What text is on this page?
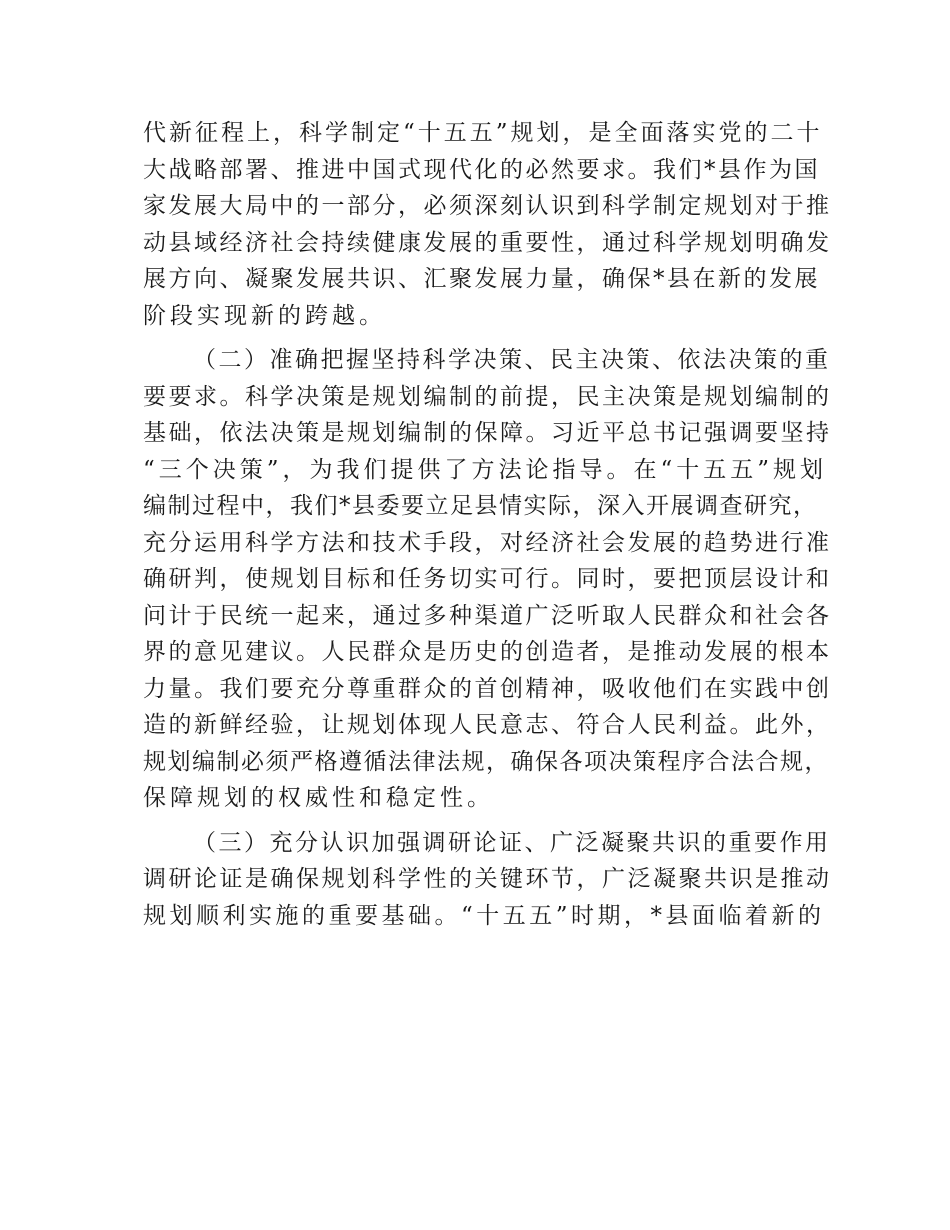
代新征程上，科学制定“十五五”规划，是全面落实党的二十
大战略部署、推进中国式现代化的必然要求。我们*县作为国
家发展大局中的一部分，必须深刻认识到科学制定规划对于推
动县域经济社会持续健康发展的重要性，通过科学规划明确发
展方向、凝聚发展共识、汇聚发展力量，确保*县在新的发展
阶段实现新的跨越。
（二）准确把握坚持科学决策、民主决策、依法决策的重
要要求。科学决策是规划编制的前提，民主决策是规划编制的
基础，依法决策是规划编制的保障。习近平总书记强调要坚持
“三个决策”，为我们提供了方法论指导。在“十五五”规划
编制过程中，我们*县委要立足县情实际，深入开展调查研究，
充分运用科学方法和技术手段，对经济社会发展的趋势进行准
确研判，使规划目标和任务切实可行。同时，要把顶层设计和
问计于民统一起来，通过多种渠道广泛听取人民群众和社会各
界的意见建议。人民群众是历史的创造者，是推动发展的根本
力量。我们要充分尊重群众的首创精神，吸收他们在实践中创
造的新鲜经验，让规划体现人民意志、符合人民利益。此外，
规划编制必须严格遵循法律法规，确保各项决策程序合法合规，
保障规划的权威性和稳定性。
（三）充分认识加强调研论证、广泛凝聚共识的重要作用
调研论证是确保规划科学性的关键环节，广泛凝聚共识是推动
规划顺利实施的重要基础。“十五五”时期，*县面临着新的
